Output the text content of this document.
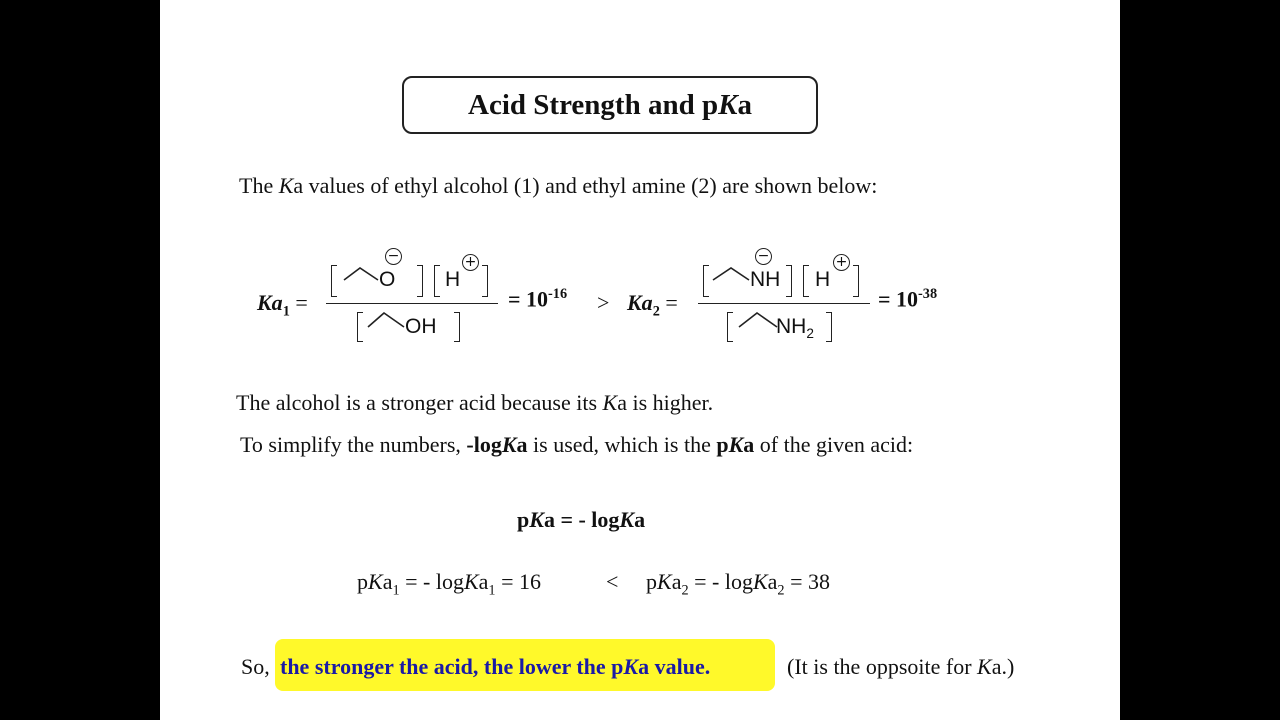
Acid Strength and p K a
The Ka values of ethyl alcohol (1) and ethyl amine (2) are shown below:
$Ka_1$ =
O
−
H
+
OH
= $10^{-16} > Ka_2$ =
NH
−
H
+
$NH_2$
= $10^{-38}$
The alcohol is a stronger acid because its Ka is higher.
To simplify the numbers, -logKa is used, which is the pKa of the given acid:
pKa = - logKa
pKa$_1$ = - logKa$_1$ = 16	< pKa$_2$ = - logKa$_2$ = 38
So, the stronger the acid, the lower the pKa value.	(It is the oppsoite for Ka.)
